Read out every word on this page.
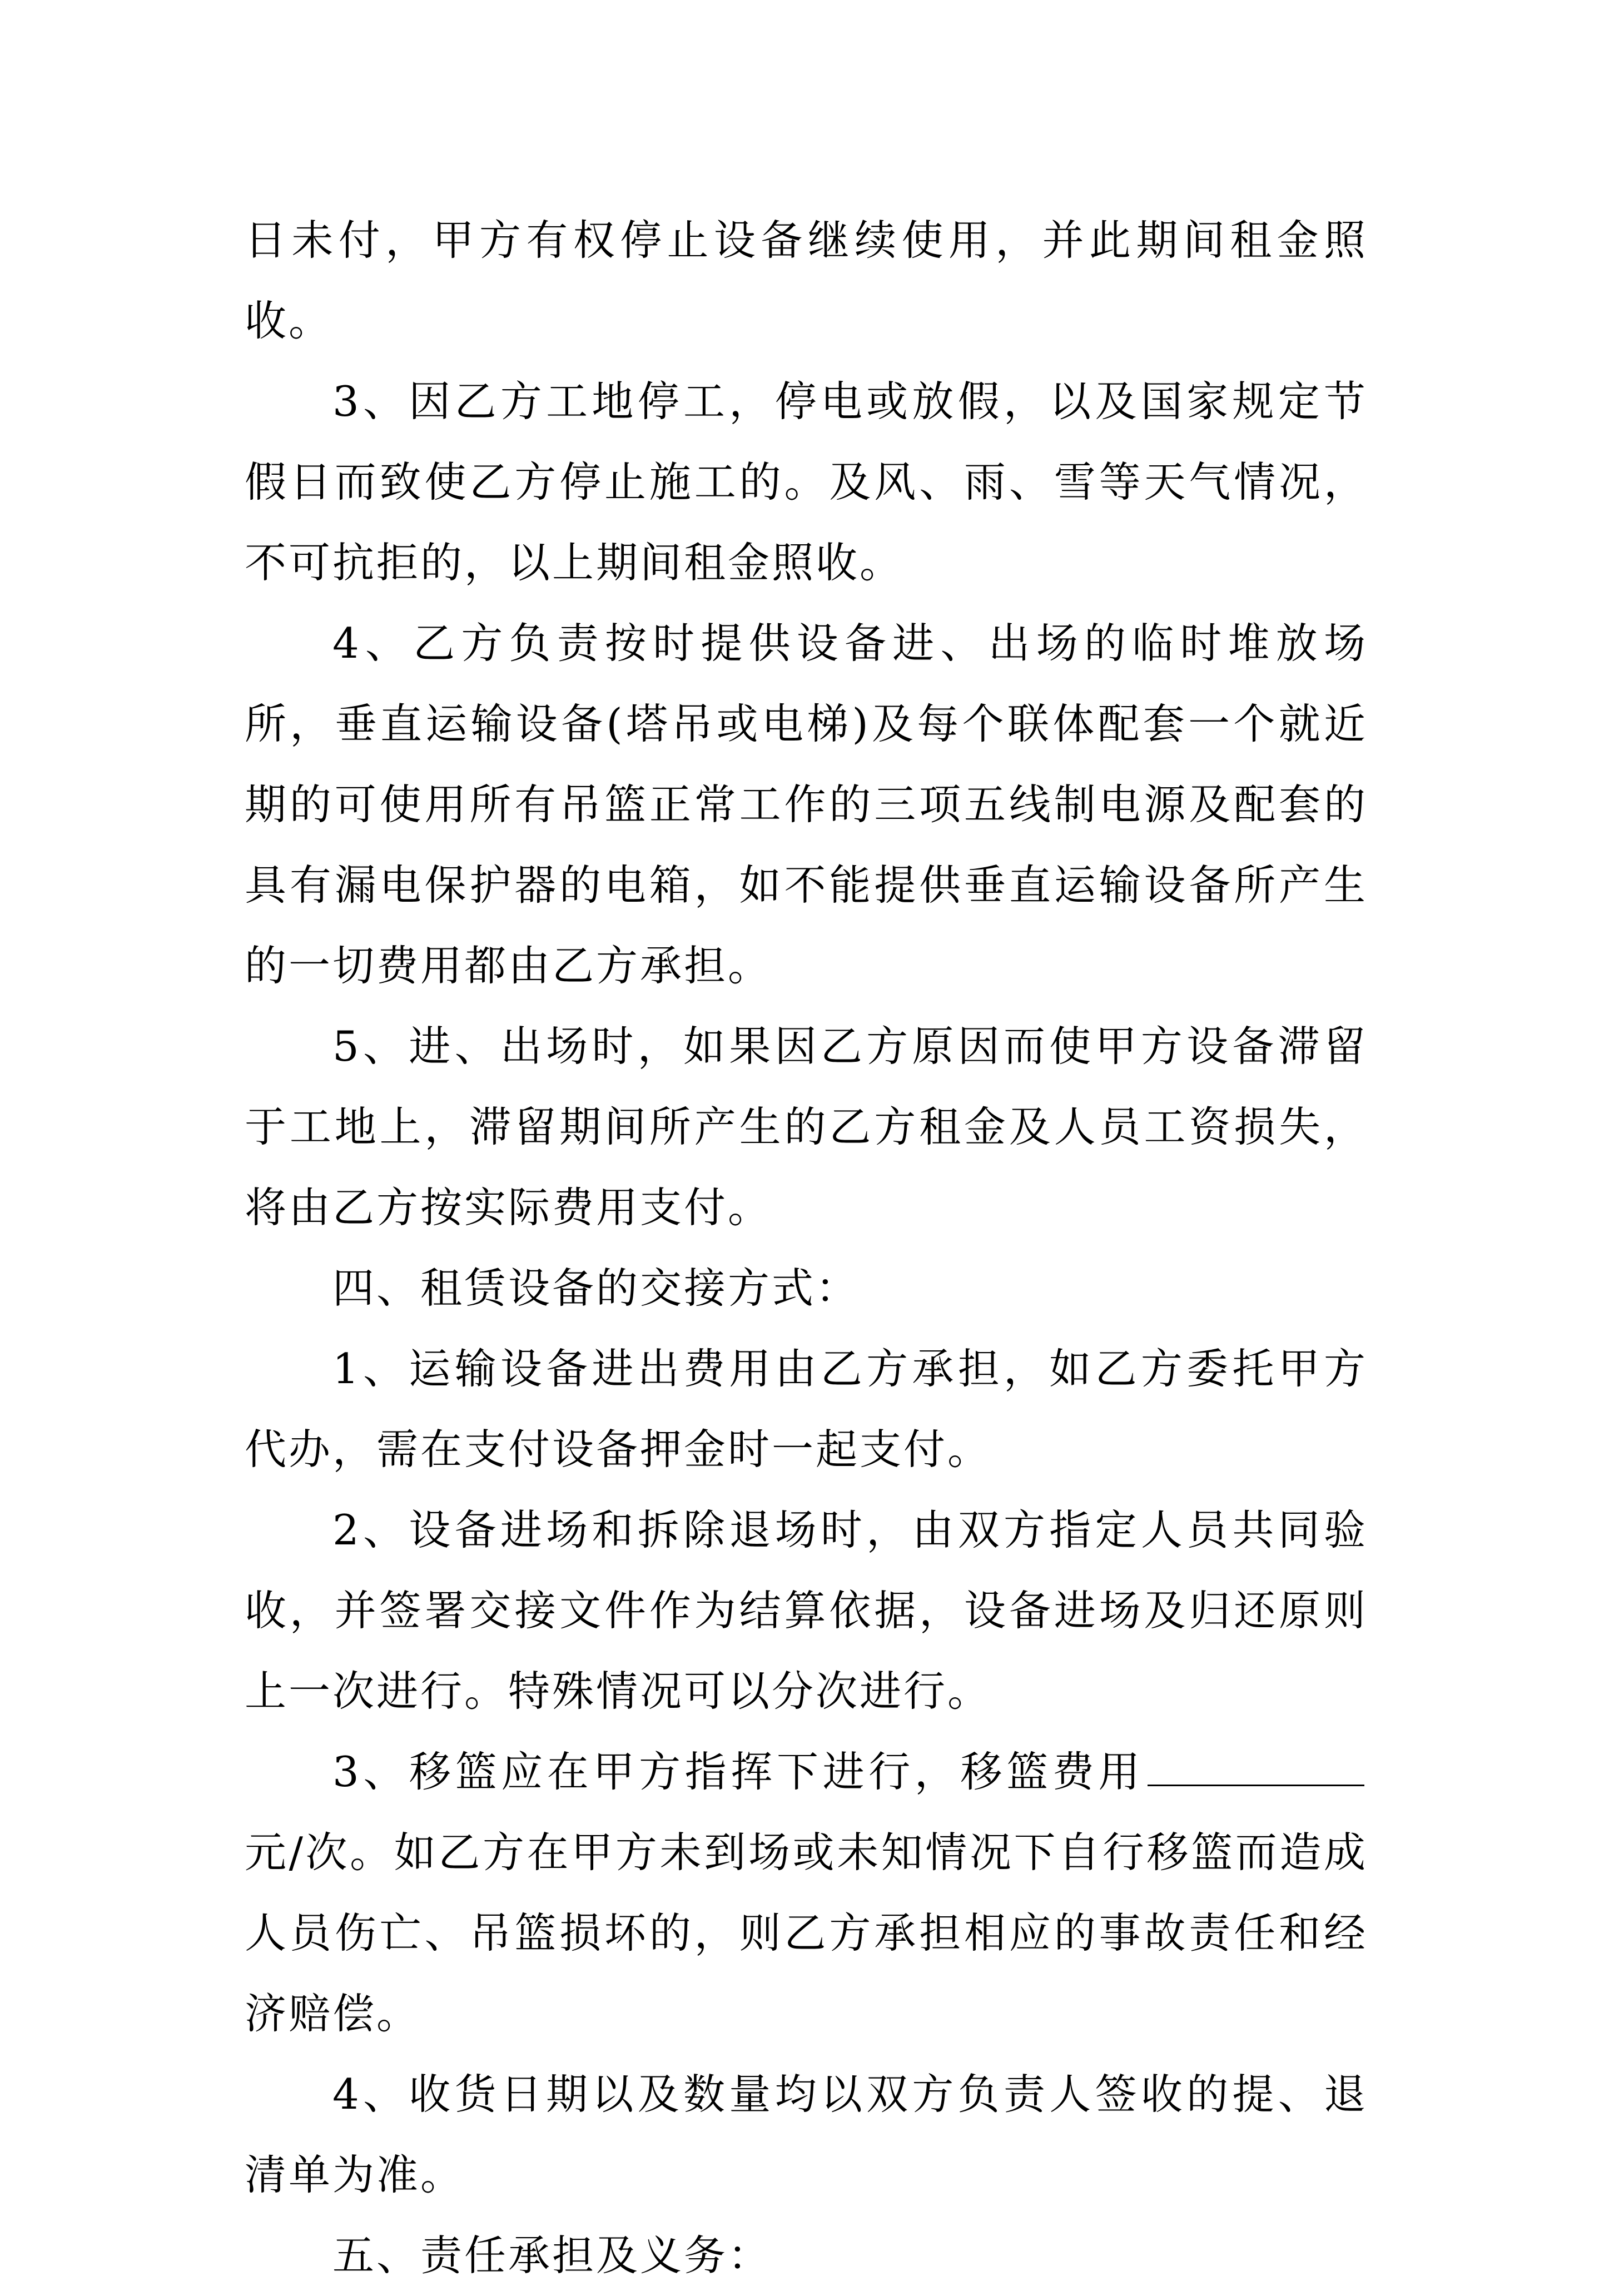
日未付，甲方有权停止设备继续使用，并此期间租金照收。

3、因乙方工地停工，停电或放假，以及国家规定节假日而致使乙方停止施工的。及风、雨、雪等天气情况，不可抗拒的，以上期间租金照收。

4、乙方负责按时提供设备进、出场的临时堆放场所，垂直运输设备(塔吊或电梯)及每个联体配套一个就近期的可使用所有吊篮正常工作的三项五线制电源及配套的具有漏电保护器的电箱，如不能提供垂直运输设备所产生的一切费用都由乙方承担。

5、进、出场时，如果因乙方原因而使甲方设备滞留于工地上，滞留期间所产生的乙方租金及人员工资损失，将由乙方按实际费用支付。

四、租赁设备的交接方式：

1、运输设备进出费用由乙方承担，如乙方委托甲方代办，需在支付设备押金时一起支付。

2、设备进场和拆除退场时，由双方指定人员共同验收，并签署交接文件作为结算依据，设备进场及归还原则上一次进行。特殊情况可以分次进行。

3、移篮应在甲方指挥下进行，移篮费用元/次。如乙方在甲方未到场或未知情况下自行移篮而造成人员伤亡、吊篮损坏的，则乙方承担相应的事故责任和经济赔偿。

4、收货日期以及数量均以双方负责人签收的提、退清单为准。

五、责任承担及义务：
